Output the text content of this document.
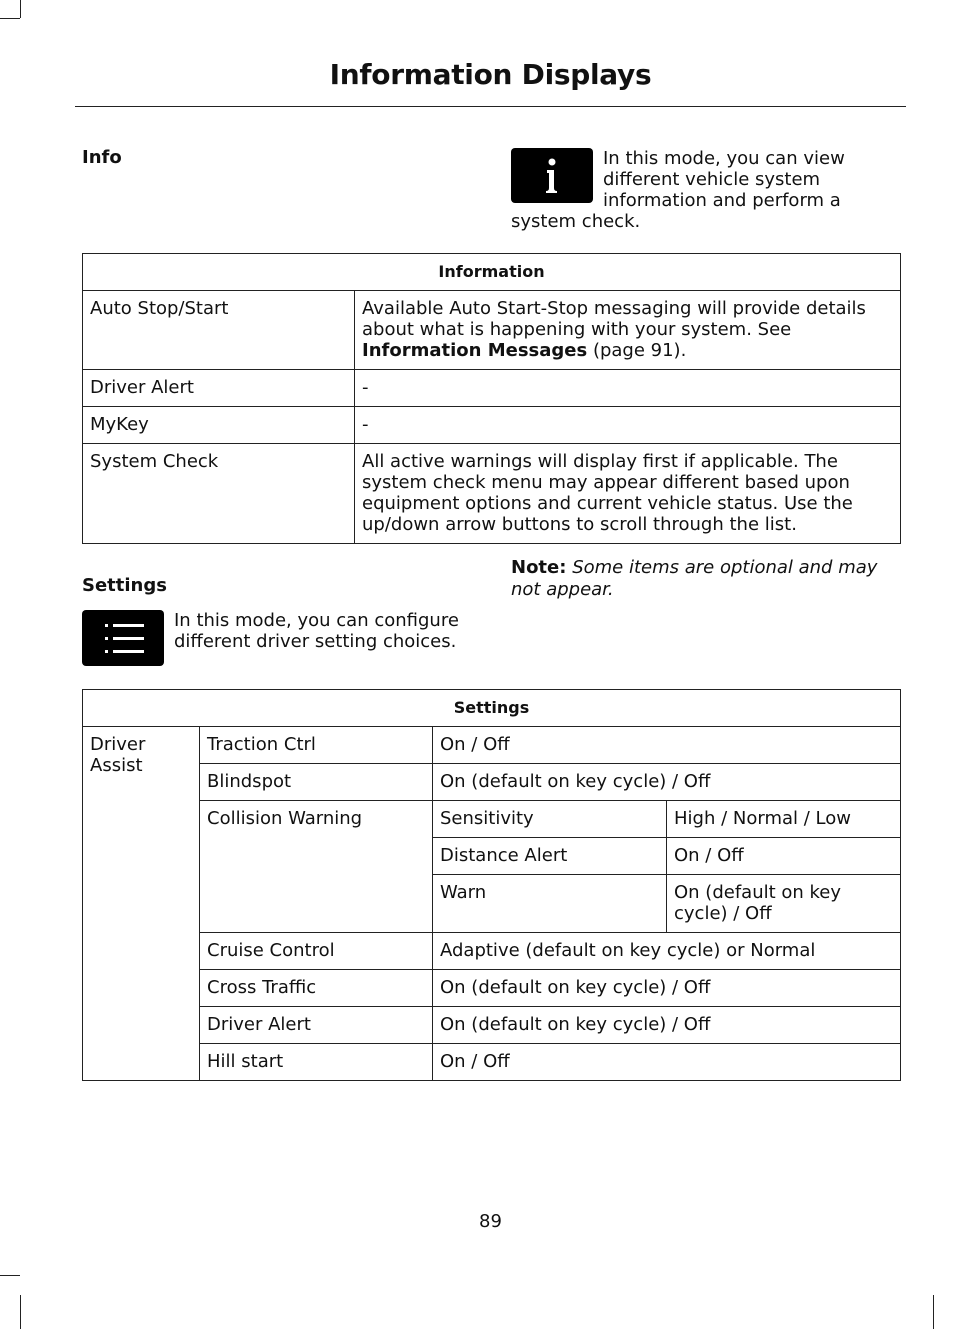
Information Displays
Info	In this mode, you can view different vehicle system information and perform a system check.
Information	
Auto Stop/Start	Available Auto Start-Stop messaging will provide details about what is happening with your system. See Information Messages (page 91).
Driver Alert	-
MyKey	-
System Check	All active warnings will display first if applicable. The system check menu may appear different based upon equipment options and current vehicle status. Use the up/down arrow buttons to scroll through the list.
Note: Some items are optional and may not appear.
Settings
In this mode, you can configure different driver setting choices.
Settings			
Driver Assist	Traction Ctrl	On / Off	
	Blindspot	On (default on key cycle) / Off	
	Collision Warning	Sensitivity	High / Normal / Low
		Distance Alert	On / Off
		Warn	On (default on key cycle) / Off
	Cruise Control	Adaptive (default on key cycle) or Normal	
	Cross Traffic	On (default on key cycle) / Off	
	Driver Alert	On (default on key cycle) / Off	
	Hill start	On / Off	
89
